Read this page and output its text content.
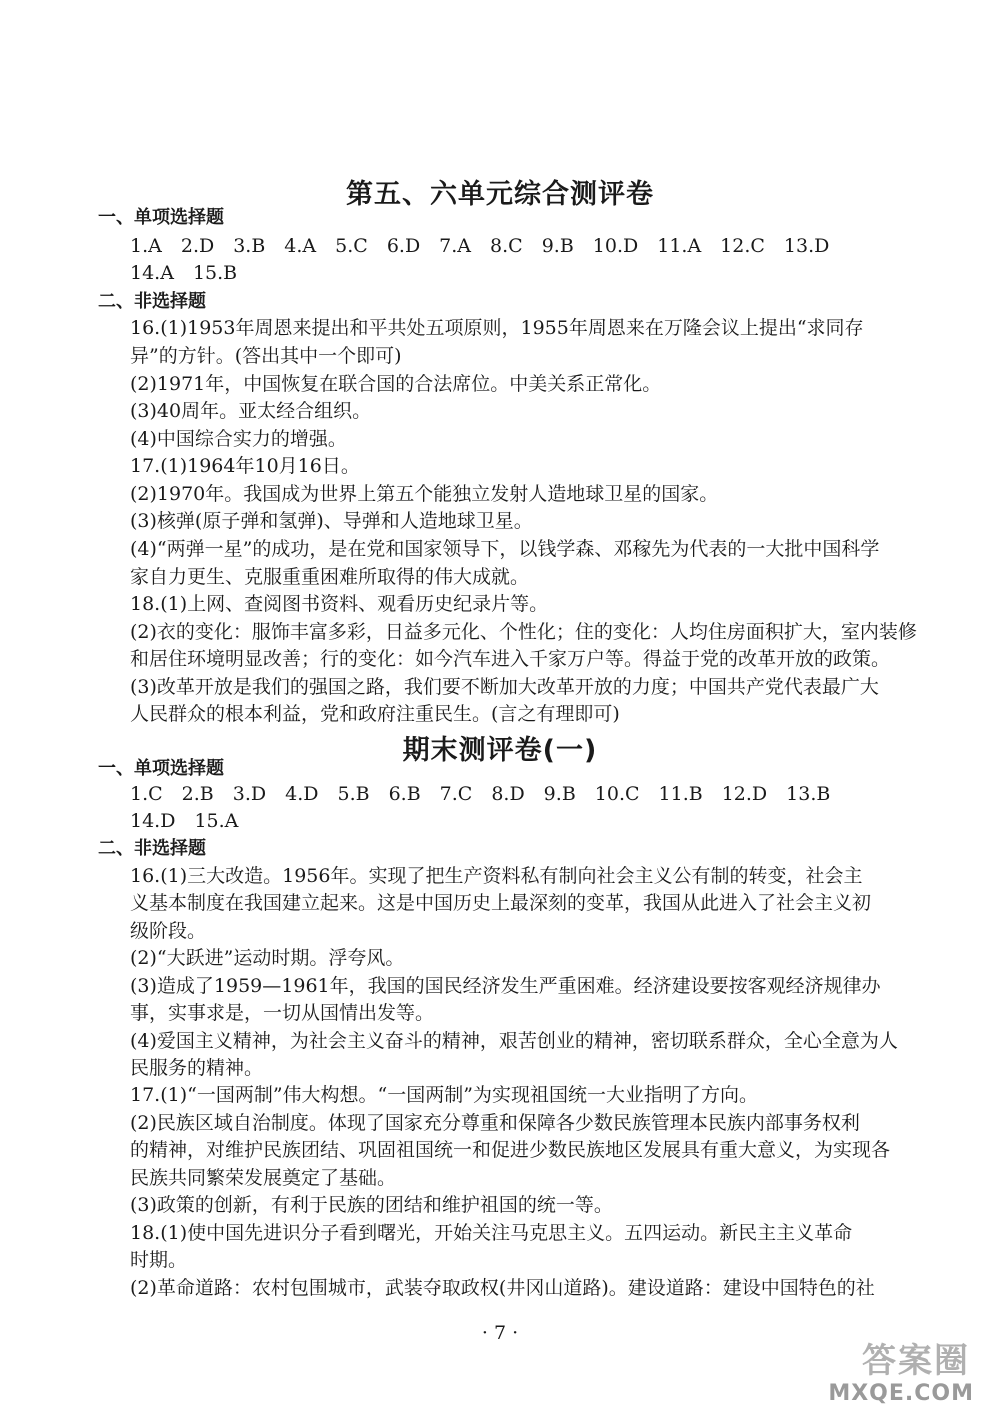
第五、六单元综合测评卷
一、单项选择题
1.A　2.D　3.B　4.A　5.C　6.D　7.A　8.C　9.B　10.D　11.A　12.C　13.D
14.A　15.B
二、非选择题
16.(1)1953年周恩来提出和平共处五项原则，1955年周恩来在万隆会议上提出“求同存
异”的方针。(答出其中一个即可)
(2)1971年，中国恢复在联合国的合法席位。中美关系正常化。
(3)40周年。亚太经合组织。
(4)中国综合实力的增强。
17.(1)1964年10月16日。
(2)1970年。我国成为世界上第五个能独立发射人造地球卫星的国家。
(3)核弹(原子弹和氢弹)、导弹和人造地球卫星。
(4)“两弹一星”的成功，是在党和国家领导下，以钱学森、邓稼先为代表的一大批中国科学
家自力更生、克服重重困难所取得的伟大成就。
18.(1)上网、查阅图书资料、观看历史纪录片等。
(2)衣的变化：服饰丰富多彩，日益多元化、个性化；住的变化：人均住房面积扩大，室内装修
和居住环境明显改善；行的变化：如今汽车进入千家万户等。得益于党的改革开放的政策。
(3)改革开放是我们的强国之路，我们要不断加大改革开放的力度；中国共产党代表最广大
人民群众的根本利益，党和政府注重民生。(言之有理即可)
期末测评卷(一)
一、单项选择题
1.C　2.B　3.D　4.D　5.B　6.B　7.C　8.D　9.B　10.C　11.B　12.D　13.B
14.D　15.A
二、非选择题
16.(1)三大改造。1956年。实现了把生产资料私有制向社会主义公有制的转变，社会主
义基本制度在我国建立起来。这是中国历史上最深刻的变革，我国从此进入了社会主义初
级阶段。
(2)“大跃进”运动时期。浮夸风。
(3)造成了1959—1961年，我国的国民经济发生严重困难。经济建设要按客观经济规律办
事，实事求是，一切从国情出发等。
(4)爱国主义精神，为社会主义奋斗的精神，艰苦创业的精神，密切联系群众，全心全意为人
民服务的精神。
17.(1)“一国两制”伟大构想。“一国两制”为实现祖国统一大业指明了方向。
(2)民族区域自治制度。体现了国家充分尊重和保障各少数民族管理本民族内部事务权利
的精神，对维护民族团结、巩固祖国统一和促进少数民族地区发展具有重大意义，为实现各
民族共同繁荣发展奠定了基础。
(3)政策的创新，有利于民族的团结和维护祖国的统一等。
18.(1)使中国先进识分子看到曙光，开始关注马克思主义。五四运动。新民主主义革命
时期。
(2)革命道路：农村包围城市，武装夺取政权(井冈山道路)。建设道路：建设中国特色的社
· 7 ·
答案圈
MXQE.COM
